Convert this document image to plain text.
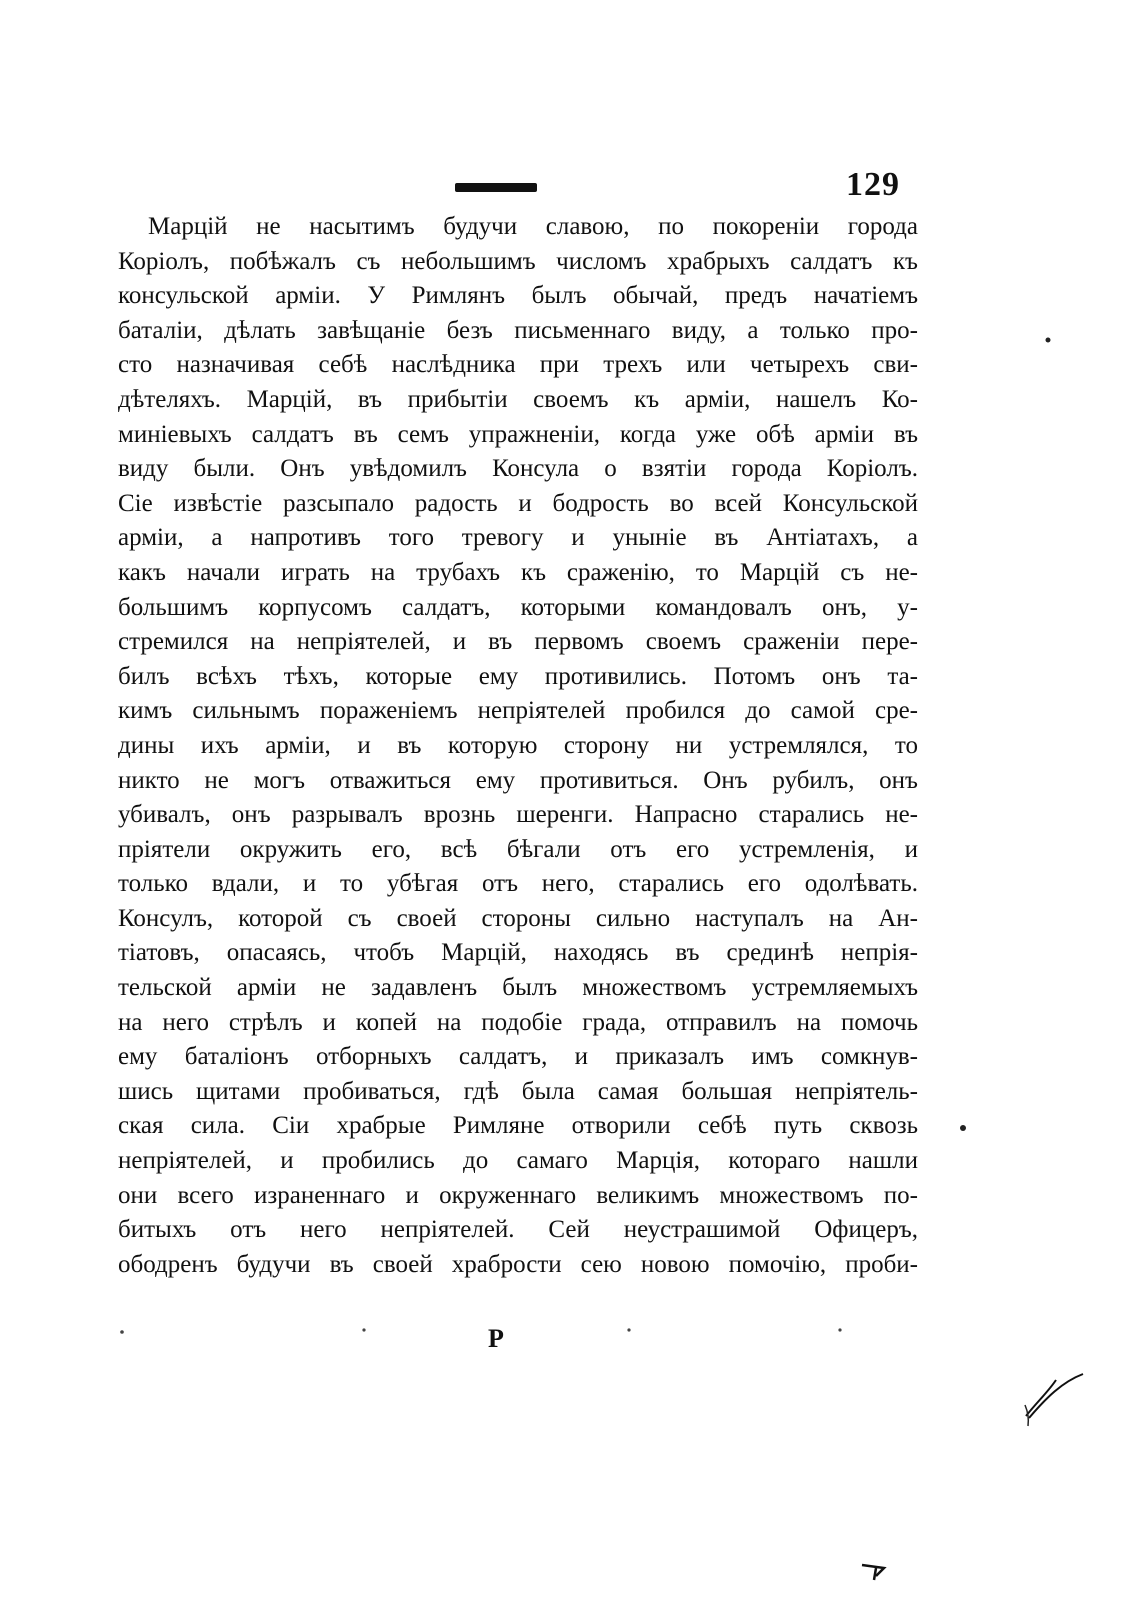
129
Марцій не насытимъ будучи славою, по покореніи города
Коріолъ, побѣжалъ съ небольшимъ числомъ храбрыхъ салдатъ къ
консульской арміи. У Римлянъ былъ обычай, предъ начатіемъ
баталіи, дѣлать завѣщаніе безъ письменнаго виду, а только про-
сто назначивая себѣ наслѣдника при трехъ или четырехъ сви-
дѣтеляхъ. Марцій, въ прибытіи своемъ къ арміи, нашелъ Ко-
минiевыхъ салдатъ въ семъ упражненіи, когда уже обѣ арміи въ
виду были. Онъ увѣдомилъ Консула о взятіи города Коріолъ.
Сіе извѣстіе разсыпало радость и бодрость во всей Консульской
арміи, а напротивъ того тревогу и унынiе въ Антіатахъ, а
какъ начали играть на трубахъ къ сраженію, то Марцій съ не-
большимъ корпусомъ салдатъ, которыми командовалъ онъ, у-
стремился на непріятелей, и въ первомъ своемъ сраженіи пере-
билъ всѣхъ тѣхъ, которые ему противились. Потомъ онъ та-
кимъ сильнымъ пораженіемъ непріятелей пробился до самой сре-
дины ихъ арміи, и въ которую сторону ни устремлялся, то
никто не могъ отважиться ему противиться. Онъ рубилъ, онъ
убивалъ, онъ разрывалъ врознь шеренги. Напрасно старались не-
пріятели окружить его, всѣ бѣгали отъ его устремленія, и
только вдали, и то убѣгая отъ него, старались его одолѣвать.
Консулъ, которой съ своей стороны сильно наступалъ на Ан-
тіатовъ, опасаясь, чтобъ Марцій, находясь въ срединѣ непрія-
тельской арміи не задавленъ былъ множествомъ устремляемыхъ
на него стрѣлъ и копей на подобіе града, отправилъ на помочь
ему баталіонъ отборныхъ салдатъ, и приказалъ имъ сомкнув-
шись щитами пробиваться, гдѣ была самая большая непріятель-
ская сила. Сіи храбрые Римляне отворили себѣ путь сквозь
непріятелей, и пробились до самаго Марція, котораго нашли
они всего израненнаго и окруженнаго великимъ множествомъ по-
битыхъ отъ него непріятелей. Сей неустрашимой Офицеръ,
ободренъ будучи въ своей храбрости сею новою помочію, проби-
Р
